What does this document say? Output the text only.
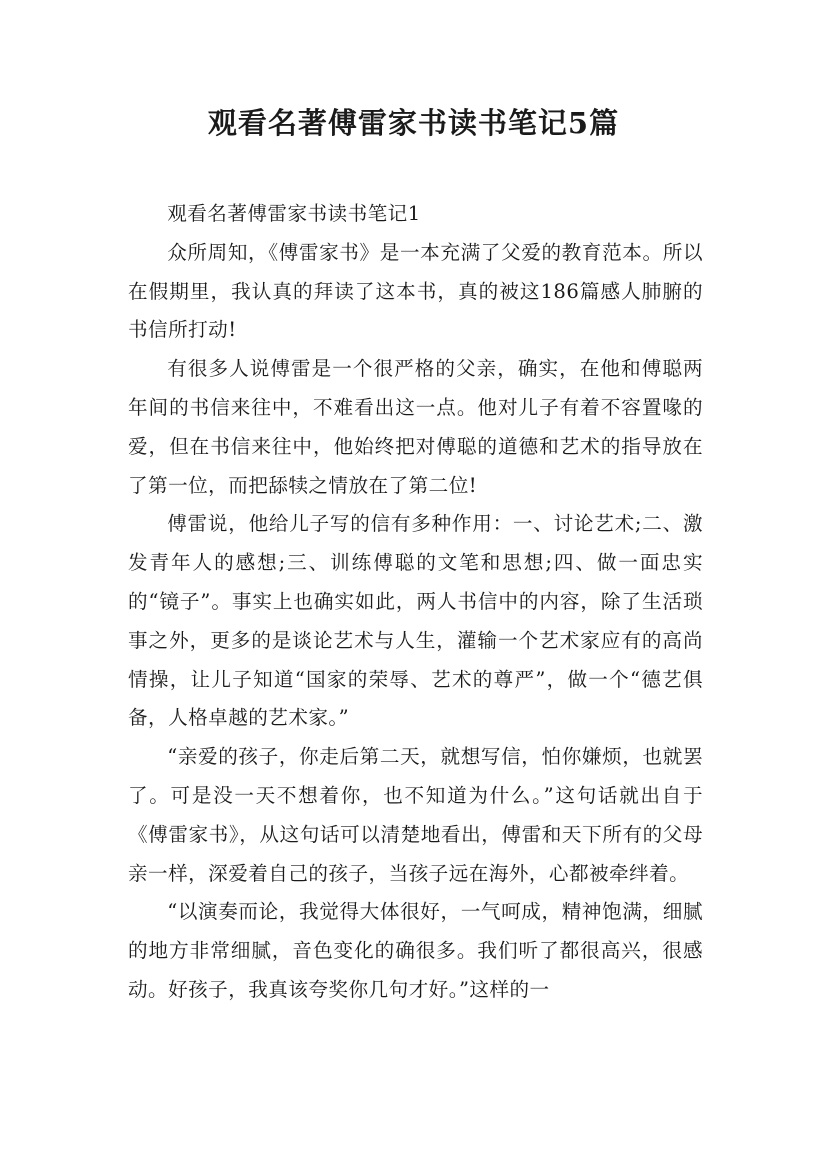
观看名著傅雷家书读书笔记5篇

观看名著傅雷家书读书笔记1

众所周知，《傅雷家书》是一本充满了父爱的教育范本。所以在假期里，我认真的拜读了这本书，真的被这186篇感人肺腑的书信所打动!

有很多人说傅雷是一个很严格的父亲，确实，在他和傅聪两年间的书信来往中，不难看出这一点。他对儿子有着不容置喙的爱，但在书信来往中，他始终把对傅聪的道德和艺术的指导放在了第一位，而把舔犊之情放在了第二位!

傅雷说，他给儿子写的信有多种作用：一、讨论艺术;二、激发青年人的感想;三、训练傅聪的文笔和思想;四、做一面忠实的“镜子”。事实上也确实如此，两人书信中的内容，除了生活琐事之外，更多的是谈论艺术与人生，灌输一个艺术家应有的高尚情操，让儿子知道“国家的荣辱、艺术的尊严”，做一个“德艺俱备，人格卓越的艺术家。”

“亲爱的孩子，你走后第二天，就想写信，怕你嫌烦，也就罢了。可是没一天不想着你，也不知道为什么。”这句话就出自于《傅雷家书》，从这句话可以清楚地看出，傅雷和天下所有的父母亲一样，深爱着自己的孩子，当孩子远在海外，心都被牵绊着。

“以演奏而论，我觉得大体很好，一气呵成，精神饱满，细腻的地方非常细腻，音色变化的确很多。我们听了都很高兴，很感动。好孩子，我真该夸奖你几句才好。”这样的一
